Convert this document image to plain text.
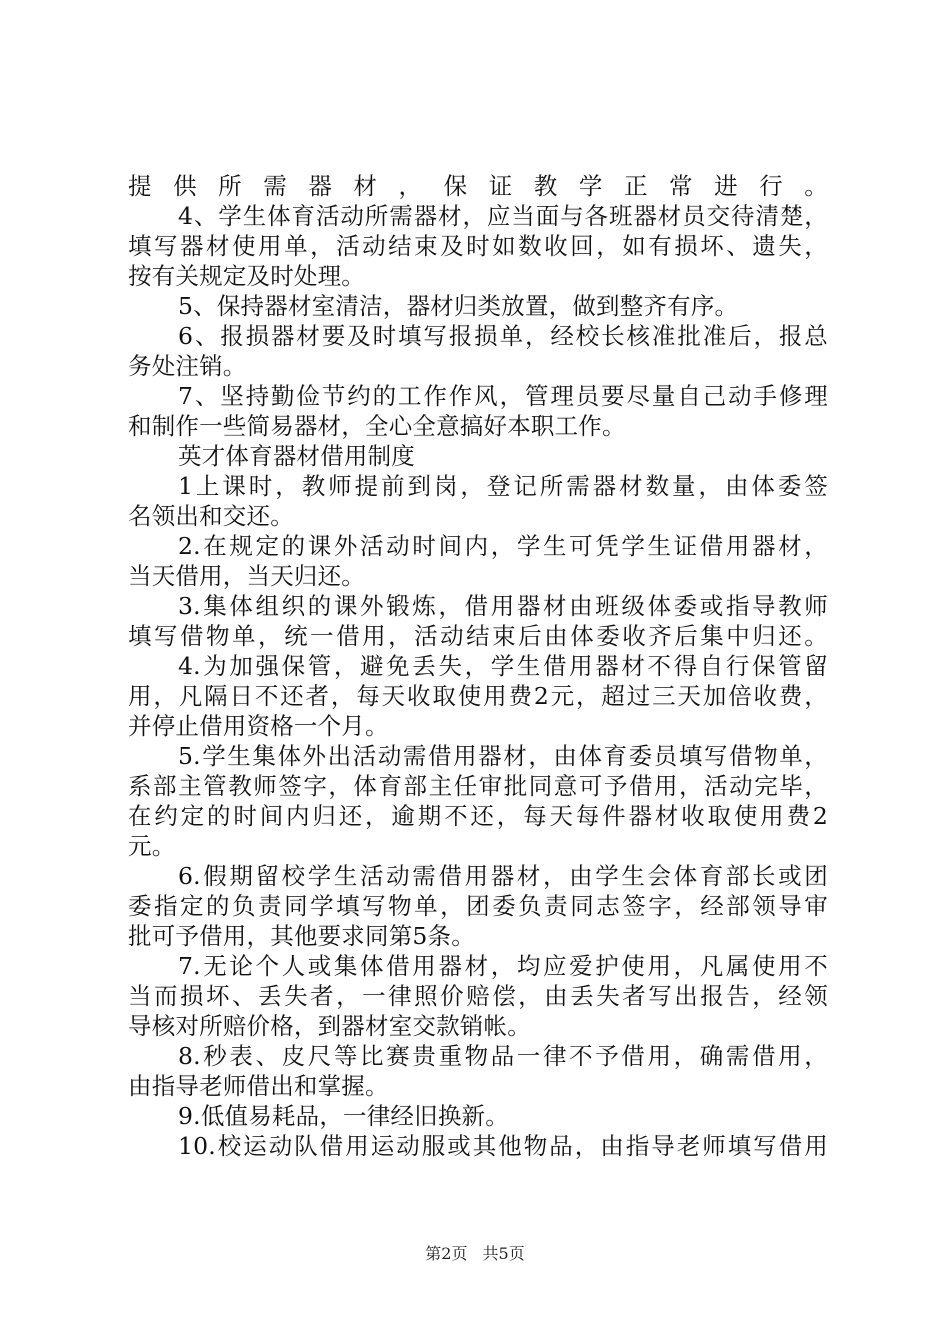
提供所需器材，保证教学正常进行。
4、学生体育活动所需器材，应当面与各班器材员交待清楚，
填写器材使用单，活动结束及时如数收回，如有损坏、遗失，
按有关规定及时处理。
5、保持器材室清洁，器材归类放置，做到整齐有序。
6、报损器材要及时填写报损单，经校长核准批准后，报总
务处注销。
7、坚持勤俭节约的工作作风，管理员要尽量自己动手修理
和制作一些简易器材，全心全意搞好本职工作。
英才体育器材借用制度
1上课时，教师提前到岗，登记所需器材数量，由体委签
名领出和交还。
2.在规定的课外活动时间内，学生可凭学生证借用器材，
当天借用，当天归还。
3.集体组织的课外锻炼，借用器材由班级体委或指导教师
填写借物单，统一借用，活动结束后由体委收齐后集中归还。
4.为加强保管，避免丢失，学生借用器材不得自行保管留
用，凡隔日不还者，每天收取使用费2元，超过三天加倍收费，
并停止借用资格一个月。
5.学生集体外出活动需借用器材，由体育委员填写借物单，
系部主管教师签字，体育部主任审批同意可予借用，活动完毕，
在约定的时间内归还，逾期不还，每天每件器材收取使用费2
元。
6.假期留校学生活动需借用器材，由学生会体育部长或团
委指定的负责同学填写物单，团委负责同志签字，经部领导审
批可予借用，其他要求同第5条。
7.无论个人或集体借用器材，均应爱护使用，凡属使用不
当而损坏、丢失者，一律照价赔偿，由丢失者写出报告，经领
导核对所赔价格，到器材室交款销帐。
8.秒表、皮尺等比赛贵重物品一律不予借用，确需借用，
由指导老师借出和掌握。
9.低值易耗品，一律经旧换新。
10.校运动队借用运动服或其他物品，由指导老师填写借用
第2页 共5页
